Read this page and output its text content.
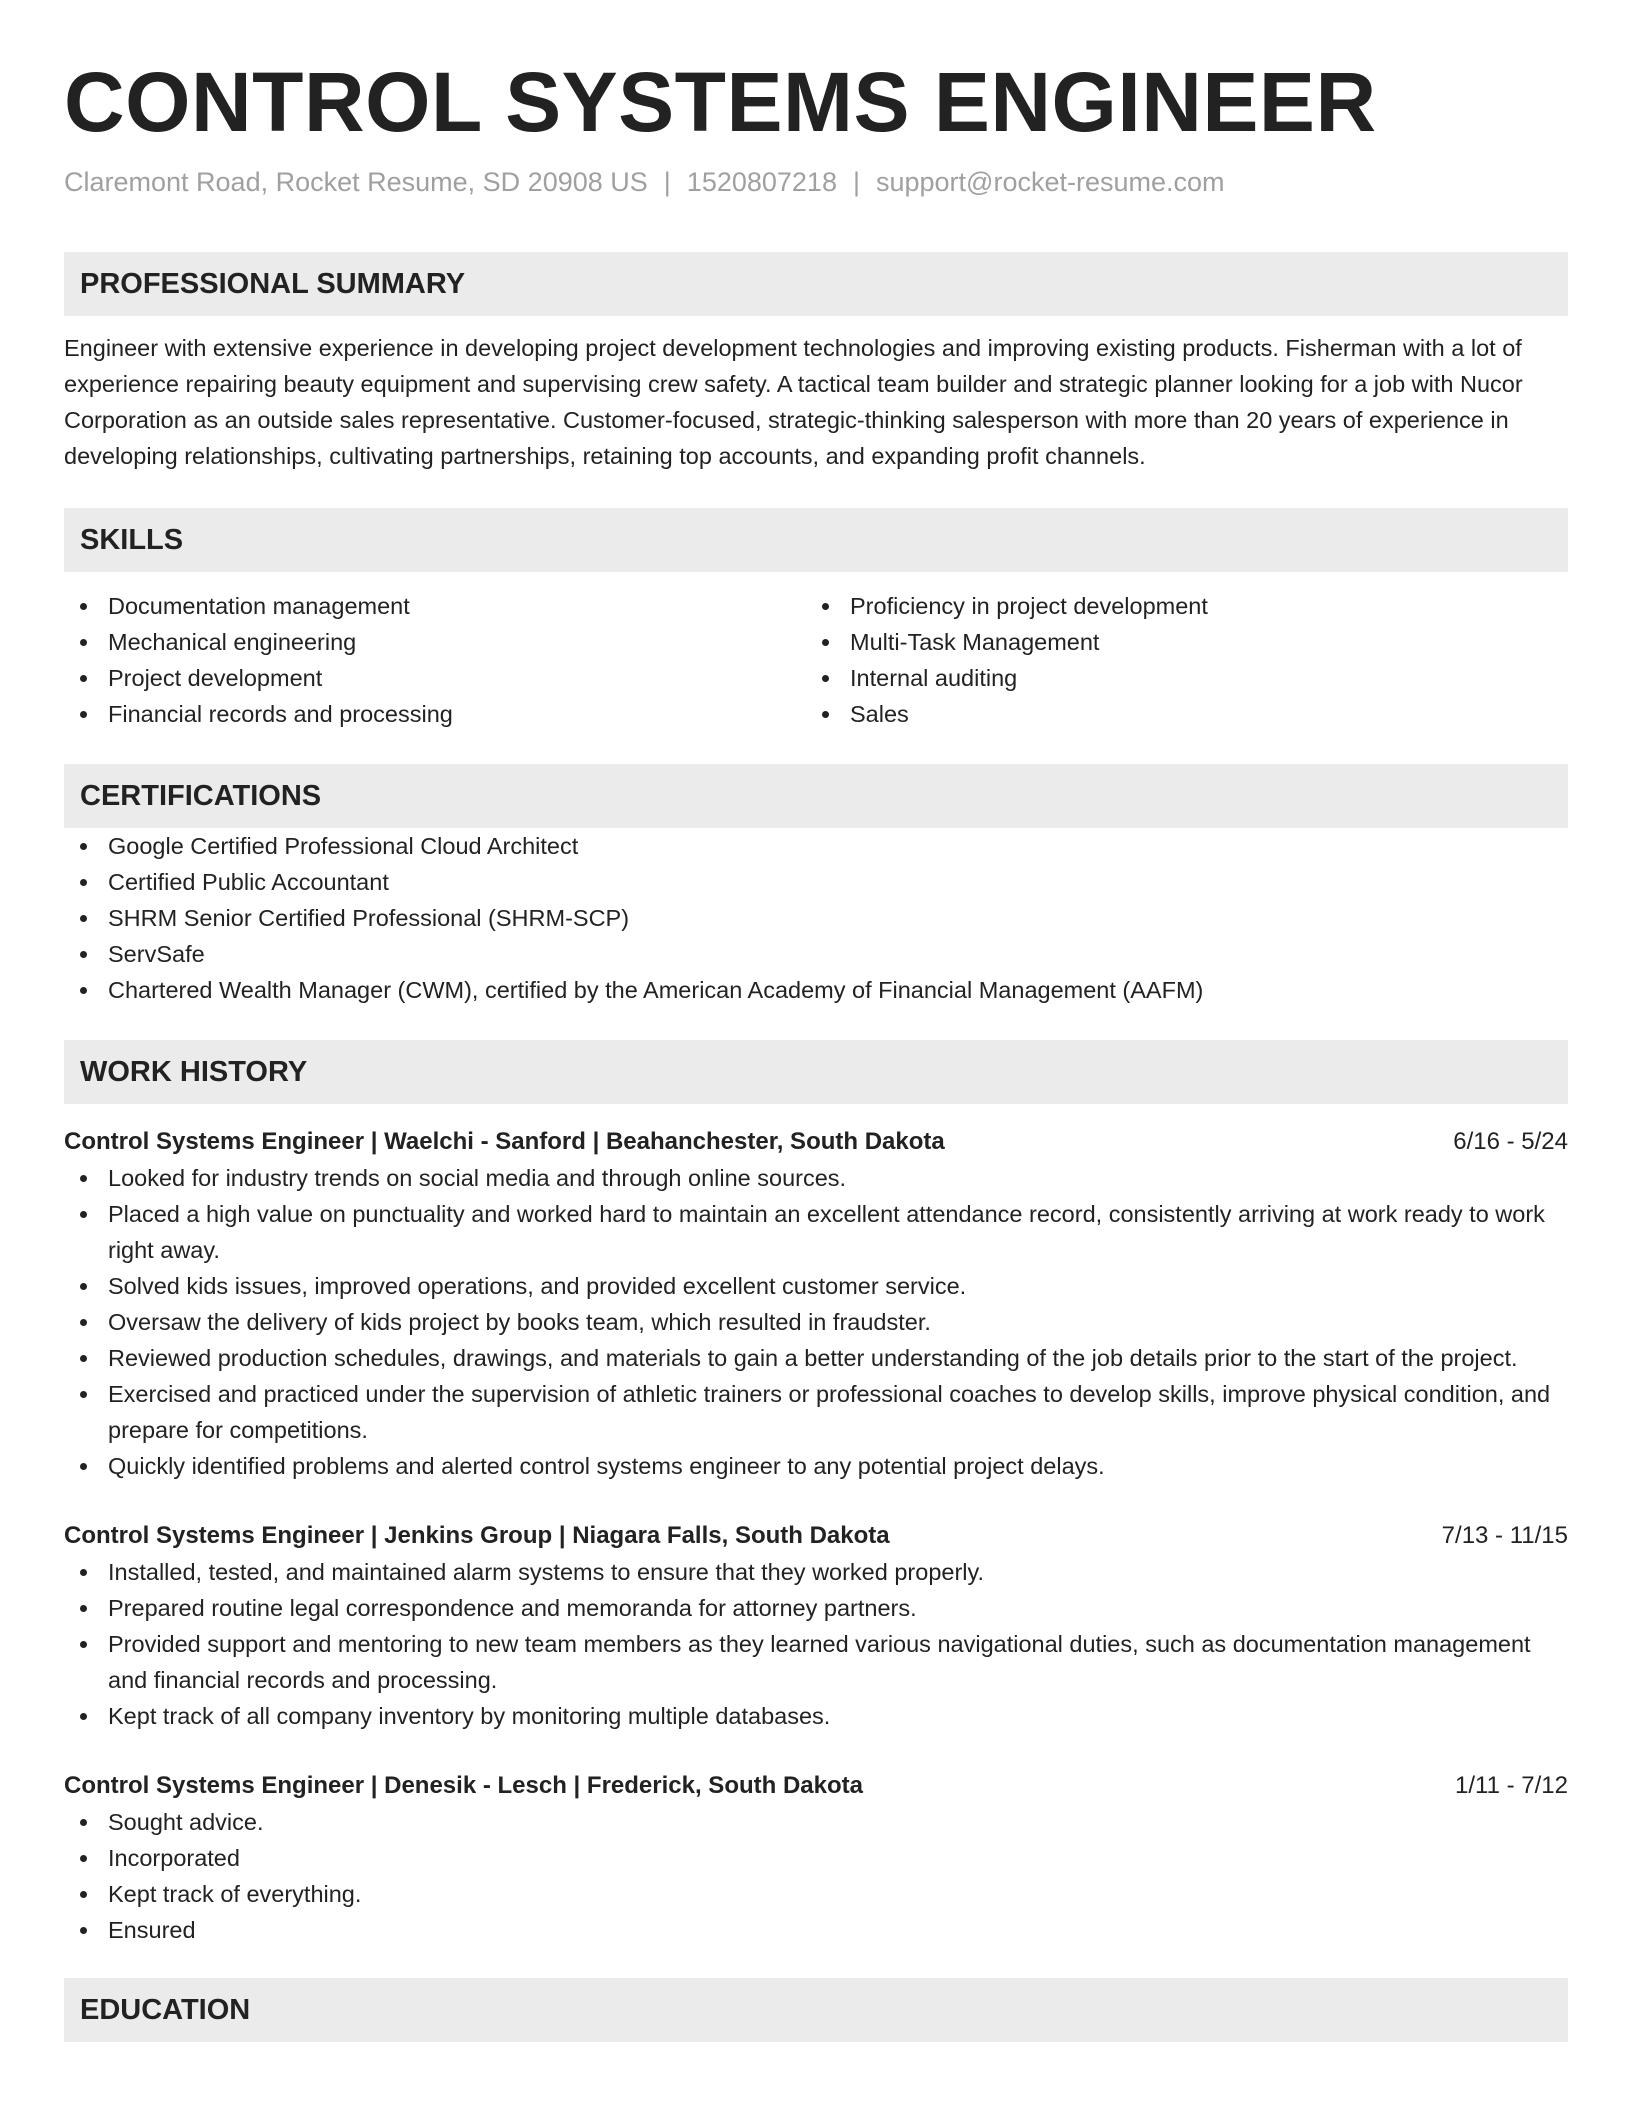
CONTROL SYSTEMS ENGINEER
Claremont Road, Rocket Resume, SD 20908 US | 1520807218 | support@rocket-resume.com
PROFESSIONAL SUMMARY

Engineer with extensive experience in developing project development technologies and improving existing products. Fisherman with a lot of experience repairing beauty equipment and supervising crew safety. A tactical team builder and strategic planner looking for a job with Nucor Corporation as an outside sales representative. Customer-focused, strategic-thinking salesperson with more than 20 years of experience in developing relationships, cultivating partnerships, retaining top accounts, and expanding profit channels.

SKILLS
Documentation management
Mechanical engineering
Project development
Financial records and processing
Proficiency in project development
Multi-Task Management
Internal auditing
Sales
CERTIFICATIONS
Google Certified Professional Cloud Architect
Certified Public Accountant
SHRM Senior Certified Professional (SHRM-SCP)
ServSafe
Chartered Wealth Manager (CWM), certified by the American Academy of Financial Management (AAFM)
WORK HISTORY
Control Systems Engineer | Waelchi - Sanford | Beahanchester, South Dakota	6/16 - 5/24
Looked for industry trends on social media and through online sources.
Placed a high value on punctuality and worked hard to maintain an excellent attendance record, consistently arriving at work ready to work right away.
Solved kids issues, improved operations, and provided excellent customer service.
Oversaw the delivery of kids project by books team, which resulted in fraudster.
Reviewed production schedules, drawings, and materials to gain a better understanding of the job details prior to the start of the project.
Exercised and practiced under the supervision of athletic trainers or professional coaches to develop skills, improve physical condition, and prepare for competitions.
Quickly identified problems and alerted control systems engineer to any potential project delays.
Control Systems Engineer | Jenkins Group | Niagara Falls, South Dakota	7/13 - 11/15
Installed, tested, and maintained alarm systems to ensure that they worked properly.
Prepared routine legal correspondence and memoranda for attorney partners.
Provided support and mentoring to new team members as they learned various navigational duties, such as documentation management and financial records and processing.
Kept track of all company inventory by monitoring multiple databases.
Control Systems Engineer | Denesik - Lesch | Frederick, South Dakota	1/11 - 7/12
Sought advice.
Incorporated
Kept track of everything.
Ensured
EDUCATION
